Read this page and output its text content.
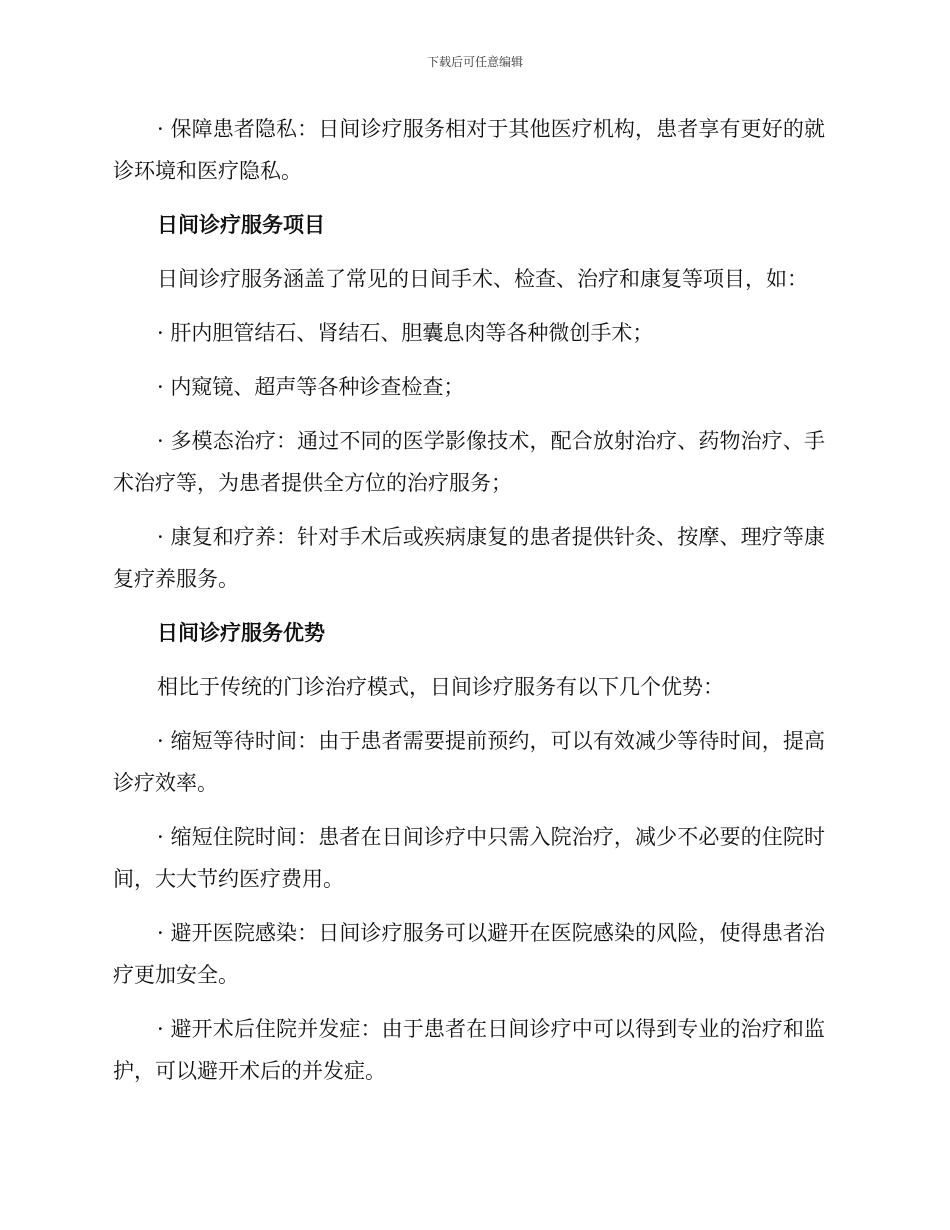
下载后可任意编辑

· 保障患者隐私：日间诊疗服务相对于其他医疗机构，患者享有更好的就诊环境和医疗隐私。

日间诊疗服务项目

日间诊疗服务涵盖了常见的日间手术、检查、治疗和康复等项目，如：

· 肝内胆管结石、肾结石、胆囊息肉等各种微创手术；

· 内窥镜、超声等各种诊查检查；

· 多模态治疗：通过不同的医学影像技术，配合放射治疗、药物治疗、手术治疗等，为患者提供全方位的治疗服务；

· 康复和疗养：针对手术后或疾病康复的患者提供针灸、按摩、理疗等康复疗养服务。

日间诊疗服务优势

相比于传统的门诊治疗模式，日间诊疗服务有以下几个优势：

· 缩短等待时间：由于患者需要提前预约，可以有效减少等待时间，提高诊疗效率。

· 缩短住院时间：患者在日间诊疗中只需入院治疗，减少不必要的住院时间，大大节约医疗费用。

· 避开医院感染：日间诊疗服务可以避开在医院感染的风险，使得患者治疗更加安全。

· 避开术后住院并发症：由于患者在日间诊疗中可以得到专业的治疗和监护，可以避开术后的并发症。
